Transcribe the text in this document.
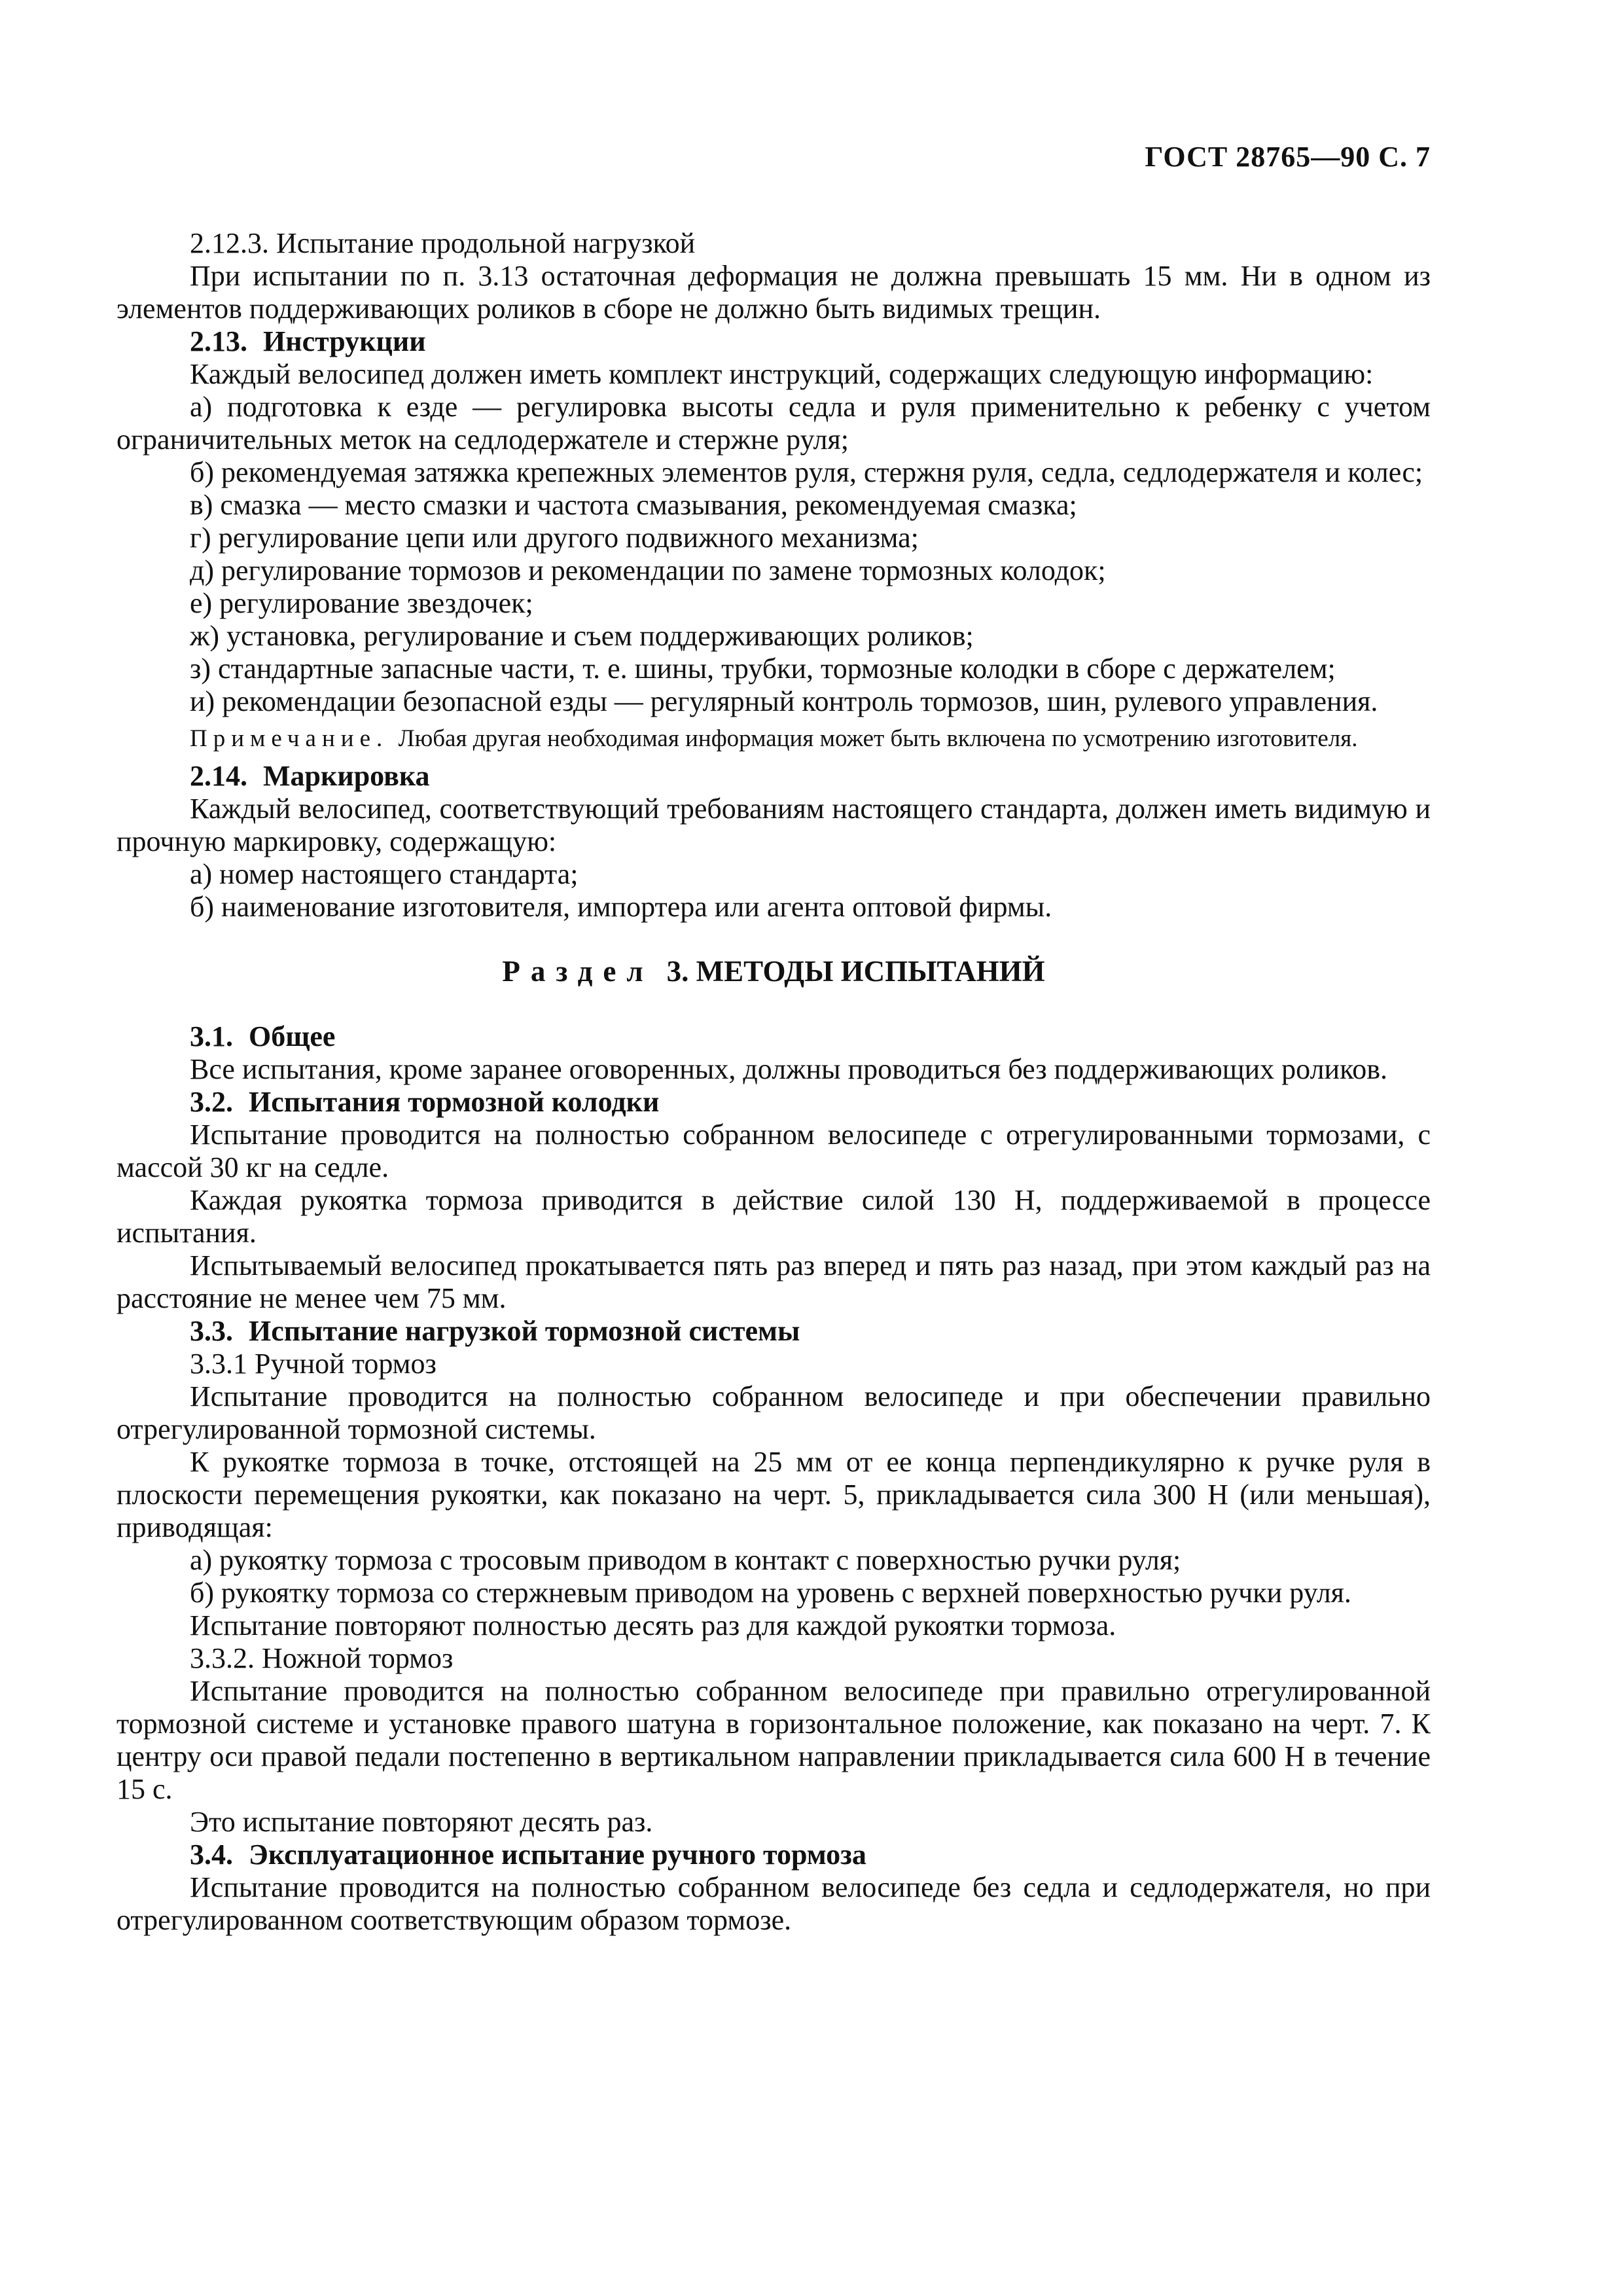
ГОСТ 28765—90 С. 7

2.12.3. Испытание продольной нагрузкой

При испытании по п. 3.13 остаточная деформация не должна превышать 15 мм. Ни в одном из элементов поддерживающих роликов в сборе не должно быть видимых трещин.

2.13. Инструкции

Каждый велосипед должен иметь комплект инструкций, содержащих следующую информацию:

а) подготовка к езде — регулировка высоты седла и руля применительно к ребенку с учетом ограничительных меток на седлодержателе и стержне руля;

б) рекомендуемая затяжка крепежных элементов руля, стержня руля, седла, седлодержателя и колес;

в) смазка — место смазки и частота смазывания, рекомендуемая смазка;

г) регулирование цепи или другого подвижного механизма;

д) регулирование тормозов и рекомендации по замене тормозных колодок;

е) регулирование звездочек;

ж) установка, регулирование и съем поддерживающих роликов;

з) стандартные запасные части, т. е. шины, трубки, тормозные колодки в сборе с держателем;

и) рекомендации безопасной езды — регулярный контроль тормозов, шин, рулевого управления.

Примечание. Любая другая необходимая информация может быть включена по усмотрению изготовителя.

2.14. Маркировка

Каждый велосипед, соответствующий требованиям настоящего стандарта, должен иметь видимую и прочную маркировку, содержащую:

а) номер настоящего стандарта;

б) наименование изготовителя, импортера или агента оптовой фирмы.

Раздел 3. МЕТОДЫ ИСПЫТАНИЙ

3.1. Общее

Все испытания, кроме заранее оговоренных, должны проводиться без поддерживающих роликов.

3.2. Испытания тормозной колодки

Испытание проводится на полностью собранном велосипеде с отрегулированными тормозами, с массой 30 кг на седле.

Каждая рукоятка тормоза приводится в действие силой 130 Н, поддерживаемой в процессе испытания.

Испытываемый велосипед прокатывается пять раз вперед и пять раз назад, при этом каждый раз на расстояние не менее чем 75 мм.

3.3. Испытание нагрузкой тормозной системы

3.3.1 Ручной тормоз

Испытание проводится на полностью собранном велосипеде и при обеспечении правильно отрегулированной тормозной системы.

К рукоятке тормоза в точке, отстоящей на 25 мм от ее конца перпендикулярно к ручке руля в плоскости перемещения рукоятки, как показано на черт. 5, прикладывается сила 300 Н (или меньшая), приводящая:

а) рукоятку тормоза с тросовым приводом в контакт с поверхностью ручки руля;

б) рукоятку тормоза со стержневым приводом на уровень с верхней поверхностью ручки руля.

Испытание повторяют полностью десять раз для каждой рукоятки тормоза.

3.3.2. Ножной тормоз

Испытание проводится на полностью собранном велосипеде при правильно отрегулированной тормозной системе и установке правого шатуна в горизонтальное положение, как показано на черт. 7. К центру оси правой педали постепенно в вертикальном направлении прикладывается сила 600 Н в течение 15 с.

Это испытание повторяют десять раз.

3.4. Эксплуатационное испытание ручного тормоза

Испытание проводится на полностью собранном велосипеде без седла и седлодержателя, но при отрегулированном соответствующим образом тормозе.
